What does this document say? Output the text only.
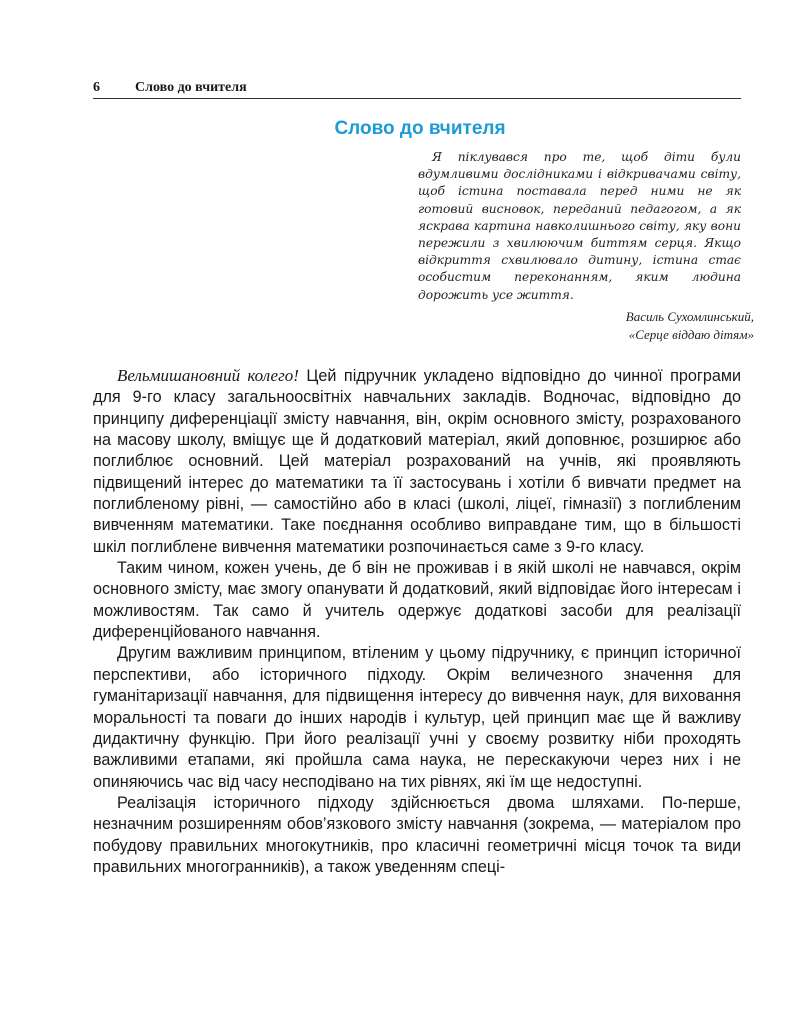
6	Слово до вчителя
Слово до вчителя
Я піклувався про те, щоб діти були вдумливими дослідниками і відкривачами світу, щоб істина поставала перед ними не як готовий висновок, переданий педагогом, а як яскрава картина навколишнього світу, яку вони пережили з хвилюючим биттям серця. Якщо відкриття схвилювало дитину, істина стає особистим переконанням, яким людина дорожить усе життя.
Василь Сухомлинський,
«Серце віддаю дітям»

Вельмишановний колего! Цей підручник укладено відповідно до чинної програми для 9-го класу загальноосвітніх навчальних закладів. Водночас, відповідно до принципу диференціації змісту навчання, він, окрім основного змісту, розрахованого на масову школу, вміщує ще й додатковий матеріал, який доповнює, розширює або поглиблює основний. Цей матеріал розрахований на учнів, які проявляють підвищений інтерес до математики та її застосувань і хотіли б вивчати предмет на поглибленому рівні, — самостійно або в класі (школі, ліцеї, гімназії) з поглибленим вивченням математики. Таке поєднання особливо виправдане тим, що в більшості шкіл поглиблене вивчення математики розпочинається саме з 9-го класу.

Таким чином, кожен учень, де б він не проживав і в якій школі не навчався, окрім основного змісту, має змогу опанувати й додатковий, який відповідає його інтересам і можливостям. Так само й учитель одержує додаткові засоби для реалізації диференційованого навчання.

Другим важливим принципом, втіленим у цьому підручнику, є принцип історичної перспективи, або історичного підходу. Окрім величезного значення для гуманітаризації навчання, для підвищення інтересу до вивчення наук, для виховання моральності та поваги до інших народів і культур, цей принцип має ще й важливу дидактичну функцію. При його реалізації учні у своєму розвитку ніби проходять важливими етапами, які пройшла сама наука, не перескакуючи через них і не опиняючись час від часу несподівано на тих рівнях, які їм ще недоступні.

Реалізація історичного підходу здійснюється двома шляхами. По-перше, незначним розширенням обов’язкового змісту навчання (зокрема, — матеріалом про побудову правильних многокутників, про класичні геометричні місця точок та види правильних многогранників), а також уведенням спеці-
